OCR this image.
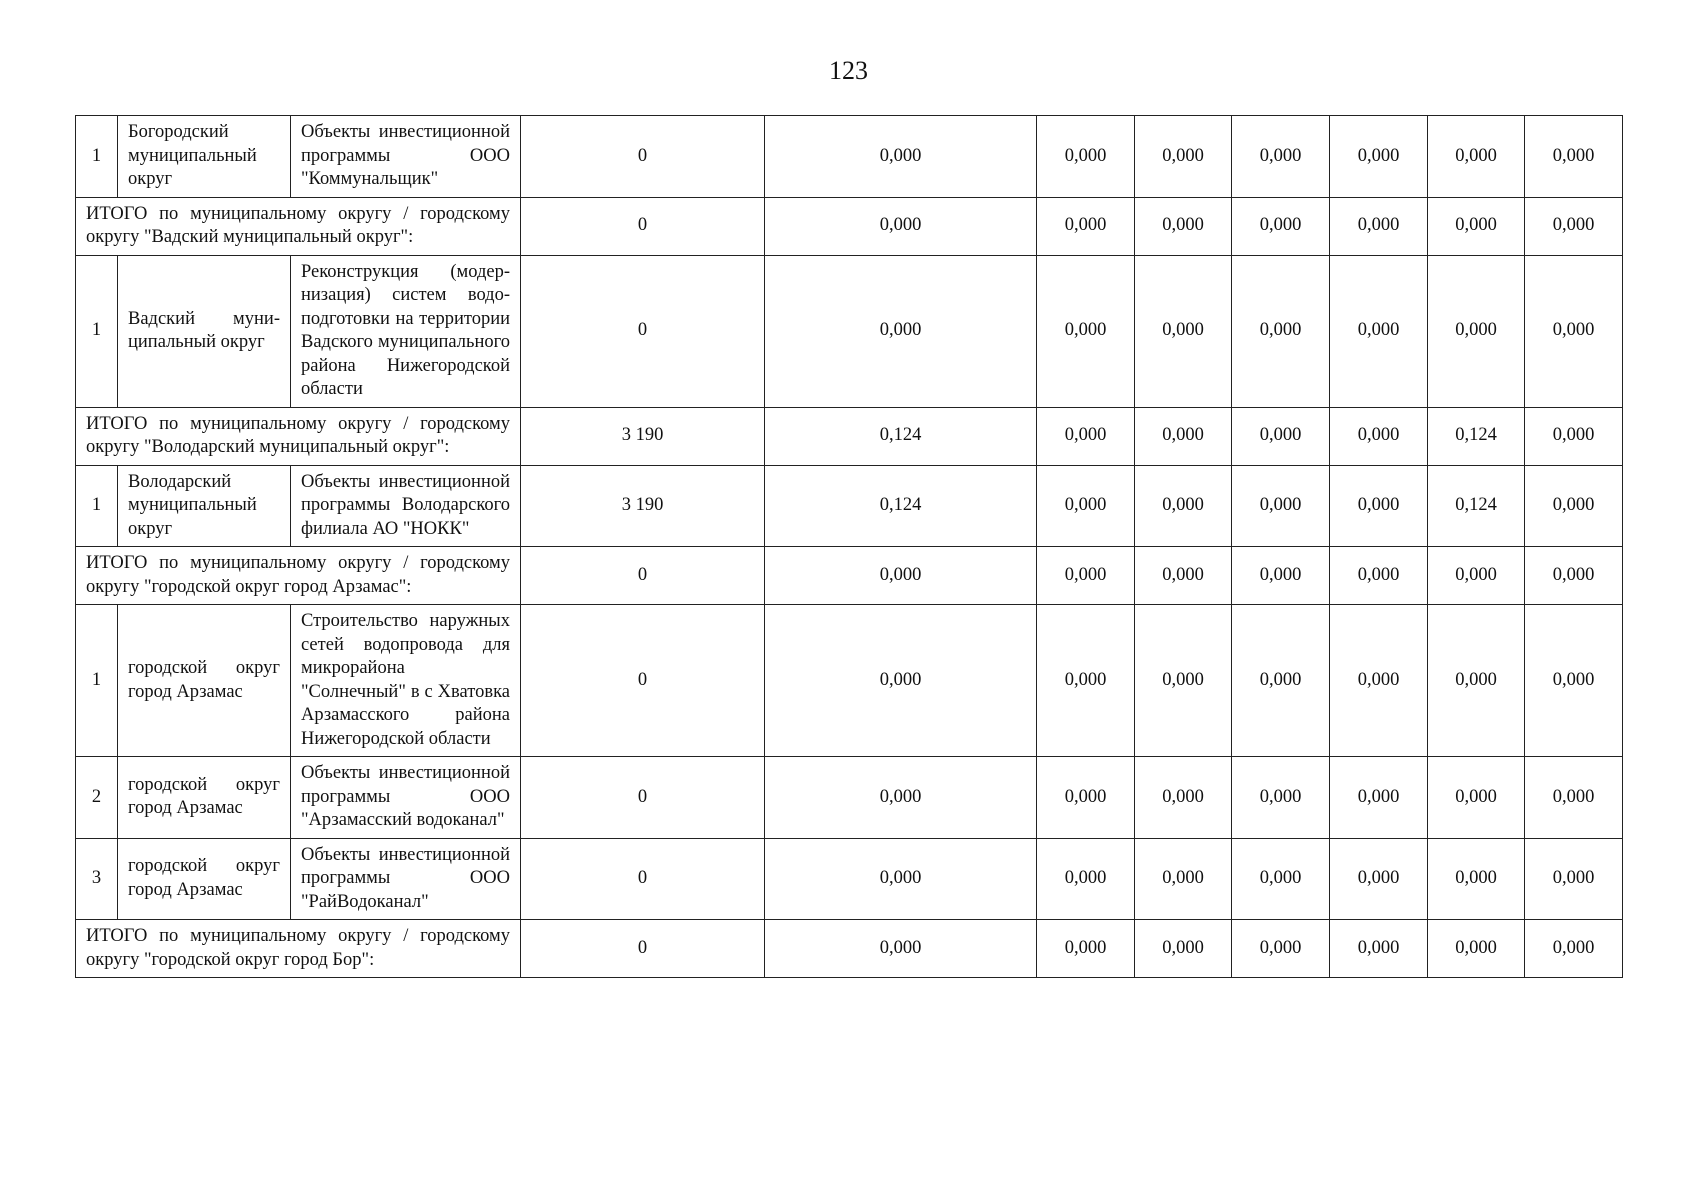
123
1	Богородский муниципальный округ	Объекты инвестиционной программы ООО "Коммунальщик"	0	0,000	0,000	0,000	0,000	0,000	0,000	0,000
ИТОГО по муниципальному округу / городскому округу "Вадский муниципальный округ":			0	0,000	0,000	0,000	0,000	0,000	0,000	0,000
1	Вадский муниципальный округ	Реконструкция (модернизация) систем водоподготовки на территории Вадского муниципального района Нижегородской области	0	0,000	0,000	0,000	0,000	0,000	0,000	0,000
ИТОГО по муниципальному округу / городскому округу "Володарский муниципальный округ":			3 190	0,124	0,000	0,000	0,000	0,000	0,124	0,000
1	Володарский муниципальный округ	Объекты инвестиционной программы Володарского филиала АО "НОКК"	3 190	0,124	0,000	0,000	0,000	0,000	0,124	0,000
ИТОГО по муниципальному округу / городскому округу "городской округ город Арзамас":			0	0,000	0,000	0,000	0,000	0,000	0,000	0,000
1	городской округ город Арзамас	Строительство наружных сетей водопровода для микрорайона "Солнечный" в с Хватовка Арзамасского района Нижегородской области	0	0,000	0,000	0,000	0,000	0,000	0,000	0,000
2	городской округ город Арзамас	Объекты инвестиционной программы ООО "Арзамасский водоканал"	0	0,000	0,000	0,000	0,000	0,000	0,000	0,000
3	городской округ город Арзамас	Объекты инвестиционной программы ООО "РайВодоканал"	0	0,000	0,000	0,000	0,000	0,000	0,000	0,000
ИТОГО по муниципальному округу / городскому округу "городской округ город Бор":			0	0,000	0,000	0,000	0,000	0,000	0,000	0,000
